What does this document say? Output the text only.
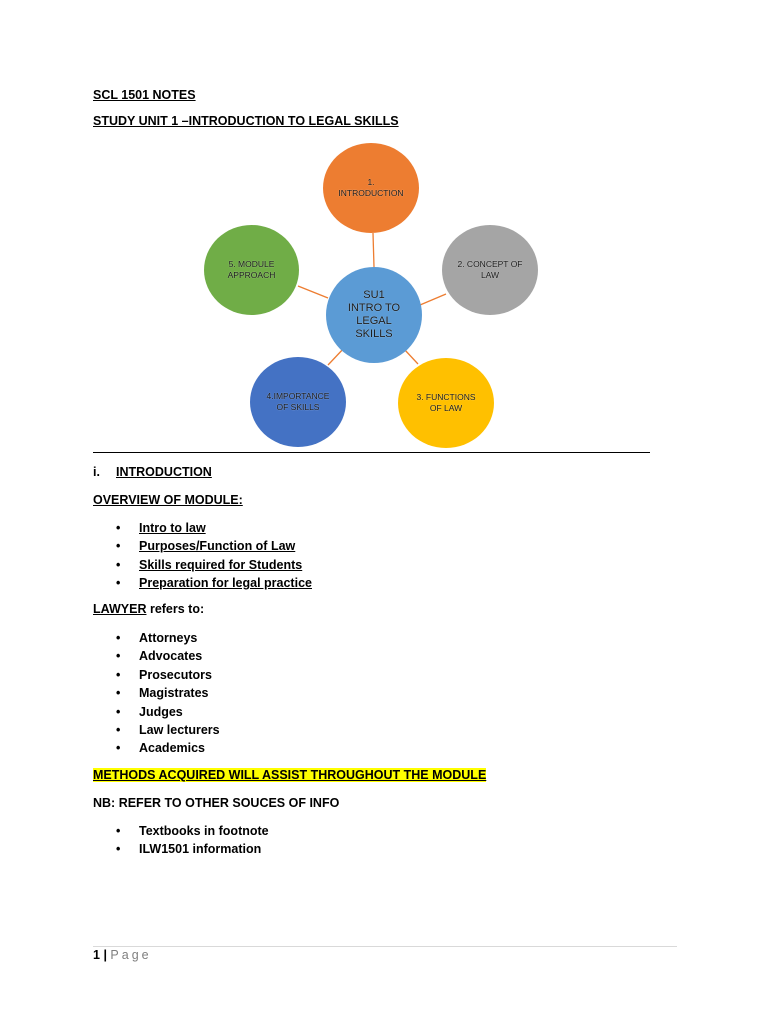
SCL 1501 NOTES
STUDY UNIT 1 –INTRODUCTION TO LEGAL SKILLS
1.
INTRODUCTION
2. CONCEPT OF
LAW
5. MODULE
APPROACH
4.IMPORTANCE
OF SKILLS
3. FUNCTIONS
OF LAW
SU1
INTRO TO
LEGAL
SKILLS
i. INTRODUCTION
OVERVIEW OF MODULE:
• Intro to law
• Purposes/Function of Law
• Skills required for Students
• Preparation for legal practice
LAWYER refers to:
• Attorneys
• Advocates
• Prosecutors
• Magistrates
• Judges
• Law lecturers
• Academics
METHODS ACQUIRED WILL ASSIST THROUGHOUT THE MODULE
NB: REFER TO OTHER SOUCES OF INFO
• Textbooks in footnote
• ILW1501 information
1 | Page
